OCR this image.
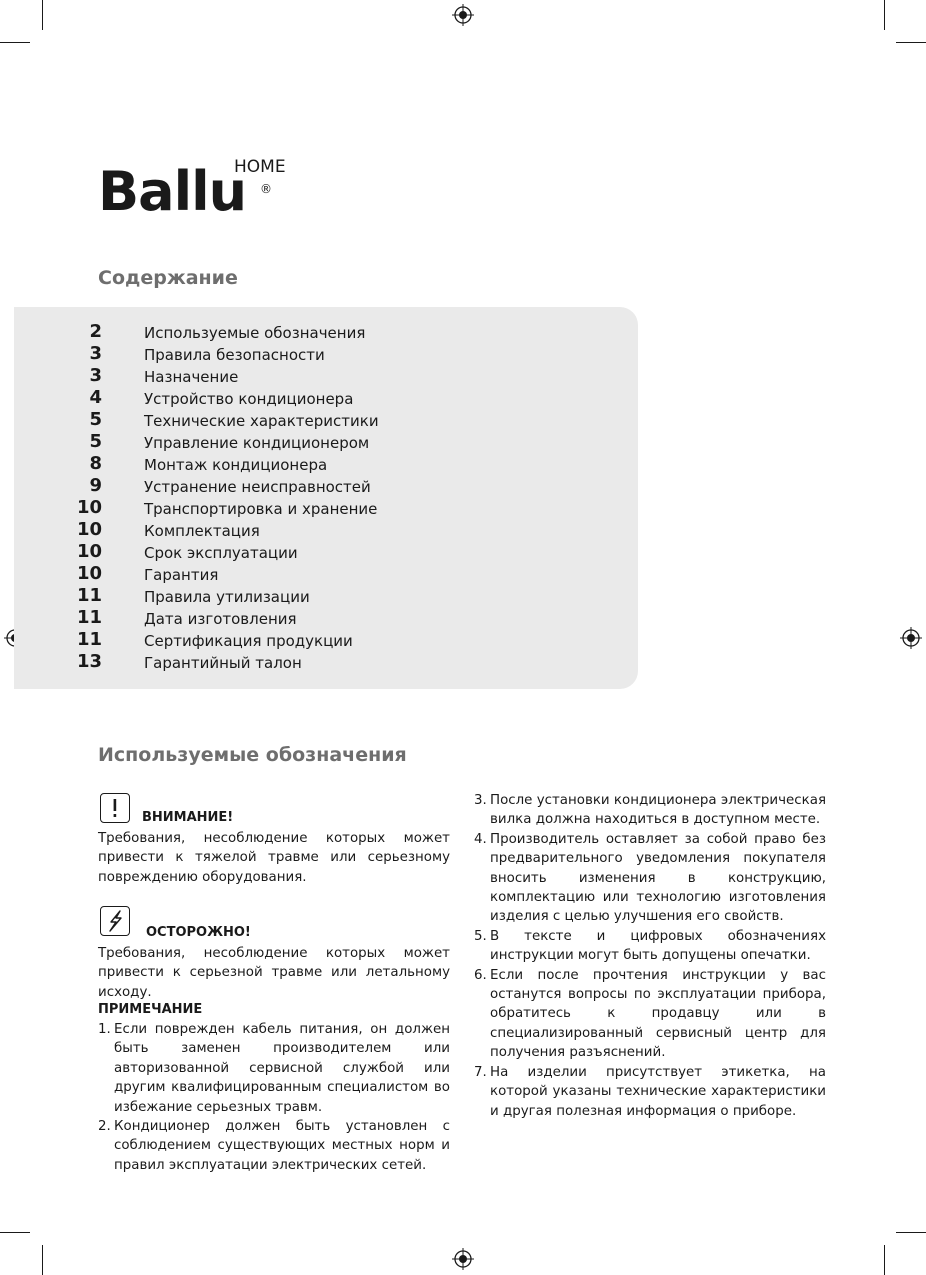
Ballu
HOME
®
Содержание
2	Используемые обозначения
3	Правила безопасности
3	Назначение
4	Устройство кондиционера
5	Технические характеристики
5	Управление кондиционером
8	Монтаж кондиционера
9	Устранение неисправностей
10	Транспортировка и хранение
10	Комплектация
10	Срок эксплуатации
10	Гарантия
11	Правила утилизации
11	Дата изготовления
11	Сертификация продукции
13	Гарантийный талон
Используемые обозначения
ВНИМАНИЕ!
Требования, несоблюдение которых может привести к тяжелой травме или серьезному повреждению оборудования.
ОСТОРОЖНО!
Требования, несоблюдение которых может привести к серьезной травме или летальному исходу.
ПРИМЕЧАНИЕ
1. Если поврежден кабель питания, он должен быть заменен производителем или авторизованной сервисной службой или другим квалифицированным специалистом во избежание серьезных травм.
2. Кондиционер должен быть установлен с соблюдением существующих местных норм и правил эксплуатации электрических сетей.
3. После установки кондиционера электрическая вилка должна находиться в доступном месте.
4. Производитель оставляет за собой право без предварительного уведомления покупателя вносить изменения в конструкцию, комплектацию или технологию изготовления изделия с целью улучшения его свойств.
5. В тексте и цифровых обозначениях инструкции могут быть допущены опечатки.
6. Если после прочтения инструкции у вас останутся вопросы по эксплуатации прибора, обратитесь к продавцу или в специализированный сервисный центр для получения разъяснений.
7. На изделии присутствует этикетка, на которой указаны технические характеристики и другая полезная информация о приборе.
